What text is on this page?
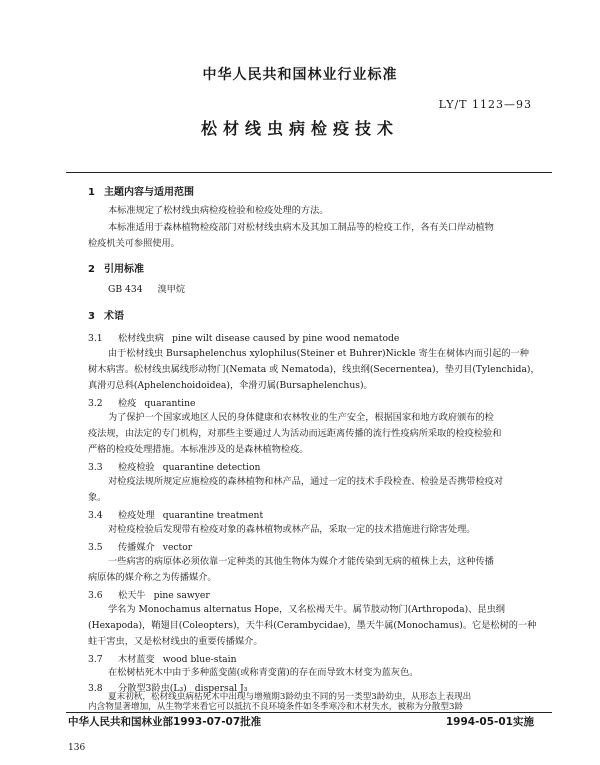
中华人民共和国林业行业标准
LY/T 1123—93
松材线虫病检疫技术
1 主题内容与适用范围
本标准规定了松材线虫病检疫检验和检疫处理的方法。
本标准适用于森林植物检疫部门对松材线虫病木及其加工制品等的检疫工作，各有关口岸动植物
检疫机关可参照使用。
2 引用标准
GB 434 溴甲烷
3 术语
3.1 松材线虫病 pine wilt disease caused by pine wood nematode
由于松材线虫 Bursaphelenchus xylophilus(Steiner et Buhrer)Nickle 寄生在树体内而引起的一种
树木病害。松材线虫属线形动物门(Nemata 或 Nematoda)，线虫纲(Secernentea)，垫刃目(Tylenchida)，
真滑刃总科(Aphelenchoidoidea)，伞滑刃属(Bursaphelenchus)。
3.2 检疫 quarantine
为了保护一个国家或地区人民的身体健康和农林牧业的生产安全，根据国家和地方政府颁布的检
疫法规，由法定的专门机构，对那些主要通过人为活动而远距离传播的流行性疫病所采取的检疫检验和
严格的检疫处理措施。本标准涉及的是森林植物检疫。
3.3 检疫检验 quarantine detection
对检疫法规所规定应施检疫的森林植物和林产品，通过一定的技术手段检查、检验是否携带检疫对
象。
3.4 检疫处理 quarantine treatment
对检疫检验后发现带有检疫对象的森林植物或林产品，采取一定的技术措施进行除害处理。
3.5 传播媒介 vector
一些病害的病原体必须依靠一定种类的其他生物体为媒介才能传染到无病的植株上去，这种传播
病原体的媒介称之为传播媒介。
3.6 松天牛 pine sawyer
学名为 Monochamus alternatus Hope，又名松褐天牛。属节肢动物门(Arthropoda)、昆虫纲
(Hexapoda)，鞘翅目(Coleopters)，天牛科(Cerambycidae)，墨天牛属(Monochamus)。它是松树的一种
蛀干害虫，又是松材线虫的重要传播媒介。
3.7 木材蓝变 wood blue-stain
在松树枯死木中由于多种蓝变菌(或称青变菌)的存在而导致木材变为蓝灰色。
3.8 分散型3龄虫(L₃) dispersal J₃
夏末初秋，松材线虫病枯死木中出现与增殖期3龄幼虫不同的另一类型3龄幼虫，从形态上表现出
内含物显著增加，从生物学来看它可以抵抗不良环境条件如冬季寒冷和木材失水，被称为分散型3龄
中华人民共和国林业部1993-07-07批准	1994-05-01实施
136
